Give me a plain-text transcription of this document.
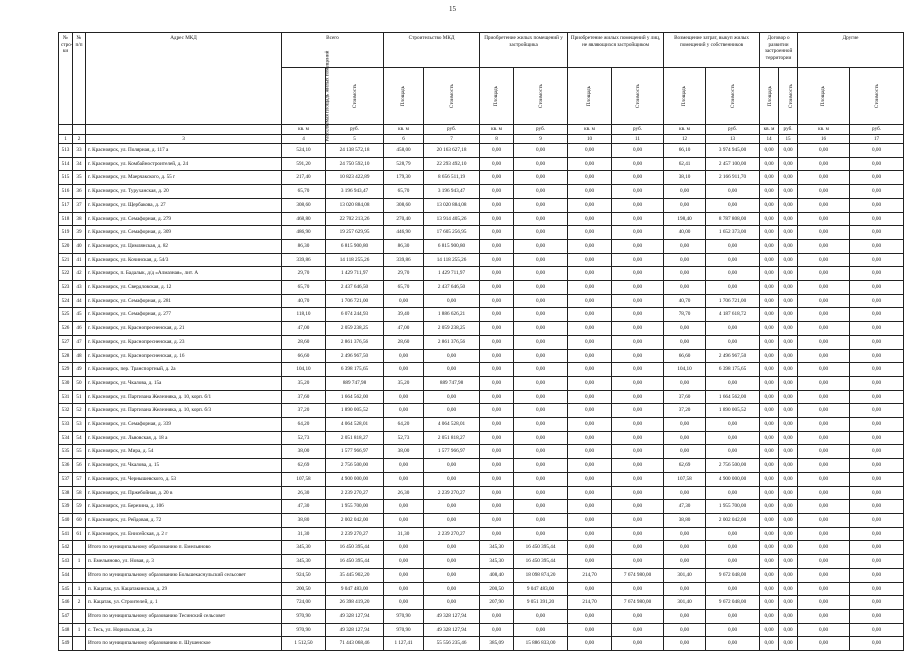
15
№ стро-ки	№ п/п	Адрес МКД	Всего		Строительство МКД		Приобретение жилых помещений у застройщика		Приобретение жилых помещений у лиц, не являющихся застройщиком		Возмещение затрат, выкуп жилых помещений у собственников		Договор о развитии застроенной территории		Другие	
			Расселяемая площадь жилых помещений	Стоимость	Площадь	Стоимость	Площадь	Стоимость	Площадь	Стоимость	Площадь	Стоимость	Площадь	Стоимость	Площадь	Стоимость
			кв. м	руб.	кв. м	руб.	кв. м	руб.	кв. м	руб.	кв. м	руб.	кв. м	руб.	кв. м	руб.
1	2	3	4	5	6	7	8	9	10	11	12	13	14	15	16	17
513	33	г. Красноярск, ул. Полярная, д. 117 а	524,10	24 138 572,18	458,00	20 163 627,18	0,00	0,00	0,00	0,00	66,10	3 974 945,00	0,00	0,00	0,00	0,00
514	34	г. Красноярск, ул. Комбайностроителей, д. 24	591,20	24 750 592,10	528,79	22 293 492,10	0,00	0,00	0,00	0,00	62,41	2 457 100,00	0,00	0,00	0,00	0,00
515	35	г. Красноярск, ул. Маерчакского, д. 55 г	217,40	10 823 422,89	179,30	8 656 511,19	0,00	0,00	0,00	0,00	38,10	2 166 911,70	0,00	0,00	0,00	0,00
516	36	г. Красноярск, ул. Туруханская, д. 20	65,70	3 196 943,47	65,70	3 196 943,47	0,00	0,00	0,00	0,00	0,00	0,00	0,00	0,00	0,00	0,00
517	37	г. Красноярск, ул. Щербакова, д. 27	308,60	13 020 884,08	308,60	13 020 884,08	0,00	0,00	0,00	0,00	0,00	0,00	0,00	0,00	0,00	0,00
518	38	г. Красноярск, ул. Семафорная, д. 279	468,80	22 702 213,26	270,40	13 914 405,26	0,00	0,00	0,00	0,00	198,40	8 787 808,00	0,00	0,00	0,00	0,00
519	39	г. Красноярск, ул. Семафорная, д. 309	486,90	19 257 629,95	446,90	17 605 256,95	0,00	0,00	0,00	0,00	40,00	1 652 373,00	0,00	0,00	0,00	0,00
520	40	г. Красноярск, ул. Цимлянская, д. 82	86,30	6 815 900,80	86,30	6 815 900,80	0,00	0,00	0,00	0,00	0,00	0,00	0,00	0,00	0,00	0,00
521	41	г. Красноярск, ул. Кочинская, д. 54/3	339,86	14 118 255,26	339,86	14 118 255,26	0,00	0,00	0,00	0,00	0,00	0,00	0,00	0,00	0,00	0,00
522	42	г. Красноярск, п. Бадалык, д/д «Алмазная», лит. А	29,70	1 429 711,97	29,70	1 429 711,97	0,00	0,00	0,00	0,00	0,00	0,00	0,00	0,00	0,00	0,00
523	43	г. Красноярск, ул. Свердловская, д. 12	65,70	2 437 646,50	65,70	2 437 646,50	0,00	0,00	0,00	0,00	0,00	0,00	0,00	0,00	0,00	0,00
524	44	г. Красноярск, ул. Семафорная, д. 281	40,70	1 706 721,00	0,00	0,00	0,00	0,00	0,00	0,00	40,70	1 706 721,00	0,00	0,00	0,00	0,00
525	45	г. Красноярск, ул. Семафорная, д. 277	118,10	6 074 244,93	39,40	1 886 626,21	0,00	0,00	0,00	0,00	78,70	4 187 618,72	0,00	0,00	0,00	0,00
526	46	г. Красноярск, ул. Краснопресненская, д. 21	47,00	2 059 238,25	47,00	2 059 238,25	0,00	0,00	0,00	0,00	0,00	0,00	0,00	0,00	0,00	0,00
527	47	г. Красноярск, ул. Краснопресненская, д. 23	28,60	2 861 376,56	28,60	2 861 376,56	0,00	0,00	0,00	0,00	0,00	0,00	0,00	0,00	0,00	0,00
528	48	г. Красноярск, ул. Краснопресненская, д. 16	66,60	2 496 967,50	0,00	0,00	0,00	0,00	0,00	0,00	66,60	2 496 967,50	0,00	0,00	0,00	0,00
529	49	г. Красноярск, пер. Транспортный, д. 2а	104,10	6 398 175,65	0,00	0,00	0,00	0,00	0,00	0,00	104,10	6 398 175,65	0,00	0,00	0,00	0,00
530	50	г. Красноярск, ул. Чкалова, д. 15а	35,20	889 747,98	35,20	889 747,98	0,00	0,00	0,00	0,00	0,00	0,00	0,00	0,00	0,00	0,00
531	51	г. Красноярск, ул. Партизана Железняка, д. 10, корп. б/1	37,60	1 664 562,00	0,00	0,00	0,00	0,00	0,00	0,00	37,60	1 664 562,00	0,00	0,00	0,00	0,00
532	52	г. Красноярск, ул. Партизана Железняка, д. 10, корп. б/3	37,20	1 890 005,52	0,00	0,00	0,00	0,00	0,00	0,00	37,20	1 890 005,52	0,00	0,00	0,00	0,00
533	53	г. Красноярск, ул. Семафорная, д. 339	64,20	4 064 528,01	64,20	4 064 528,01	0,00	0,00	0,00	0,00	0,00	0,00	0,00	0,00	0,00	0,00
534	54	г. Красноярск, ул. Львовская, д. 18 а	52,73	2 051 818,27	52,73	2 051 818,27	0,00	0,00	0,00	0,00	0,00	0,00	0,00	0,00	0,00	0,00
535	55	г. Красноярск, ул. Мира, д. 54	38,00	1 577 966,97	38,00	1 577 966,97	0,00	0,00	0,00	0,00	0,00	0,00	0,00	0,00	0,00	0,00
536	56	г. Красноярск, ул. Чкалова, д. 15	62,69	2 756 500,00	0,00	0,00	0,00	0,00	0,00	0,00	62,69	2 756 500,00	0,00	0,00	0,00	0,00
537	57	г. Красноярск, ул. Чернышевского, д. 53	107,58	4 900 000,00	0,00	0,00	0,00	0,00	0,00	0,00	107,58	4 900 000,00	0,00	0,00	0,00	0,00
538	58	г. Красноярск, ул. Пржебойная, д. 20 в	26,30	2 239 270,27	26,30	2 239 270,27	0,00	0,00	0,00	0,00	0,00	0,00	0,00	0,00	0,00	0,00
539	59	г. Красноярск, ул. Березина, д. 106	47,30	1 955 700,00	0,00	0,00	0,00	0,00	0,00	0,00	47,30	1 955 700,00	0,00	0,00	0,00	0,00
540	60	г. Красноярск, ул. Рейдовая, д. 72	38,80	2 002 042,00	0,00	0,00	0,00	0,00	0,00	0,00	38,80	2 002 042,00	0,00	0,00	0,00	0,00
541	61	г. Красноярск, ул. Енисейская, д. 2 г	31,30	2 239 270,27	31,30	2 239 270,27	0,00	0,00	0,00	0,00	0,00	0,00	0,00	0,00	0,00	0,00
542		Итого по муниципальному образованию п. Емельяново	345,30	16 450 395,44	0,00	0,00	345,30	16 450 395,44	0,00	0,00	0,00	0,00	0,00	0,00	0,00	0,00
543	1	п. Емельяново, ул. Новая, д. 3	345,30	16 450 395,44	0,00	0,00	345,30	16 450 395,44	0,00	0,00	0,00	0,00	0,00	0,00	0,00	0,00
544		Итого по муниципальному образованию Большекаснульский сельсовет	924,50	35 445 902,20	0,00	0,00	408,40	18 098 874,20	214,70	7 674 980,00	301,40	9 672 048,00	0,00	0,00	0,00	0,00
545	1	п. Кацатак, ул. Кацатакинская, д. 29	200,50	9 047 483,00	0,00	0,00	200,50	9 047 483,00	0,00	0,00	0,00	0,00	0,00	0,00	0,00	0,00
546	2	п. Кацатак, ул. Строителей, д. 1	724,00	26 398 419,20	0,00	0,00	207,90	9 051 391,20	214,70	7 674 980,00	301,40	9 672 048,00	0,00	0,00	0,00	0,00
547		Итого по муниципальному образованию Тесинский сельсовет	970,90	49 328 127,94	970,90	49 328 127,94	0,00	0,00	0,00	0,00	0,00	0,00	0,00	0,00	0,00	0,00
548	1	с. Тесь, ул. Норильская, д. 2а	970,90	49 328 127,94	970,90	49 328 127,94	0,00	0,00	0,00	0,00	0,00	0,00	0,00	0,00	0,00	0,00
549		Итого по муниципальному образованию п. Шушенское	1 512,50	71 443 068,46	1 127,41	55 556 235,46	385,09	15 886 833,00	0,00	0,00	0,00	0,00	0,00	0,00	0,00	0,00
